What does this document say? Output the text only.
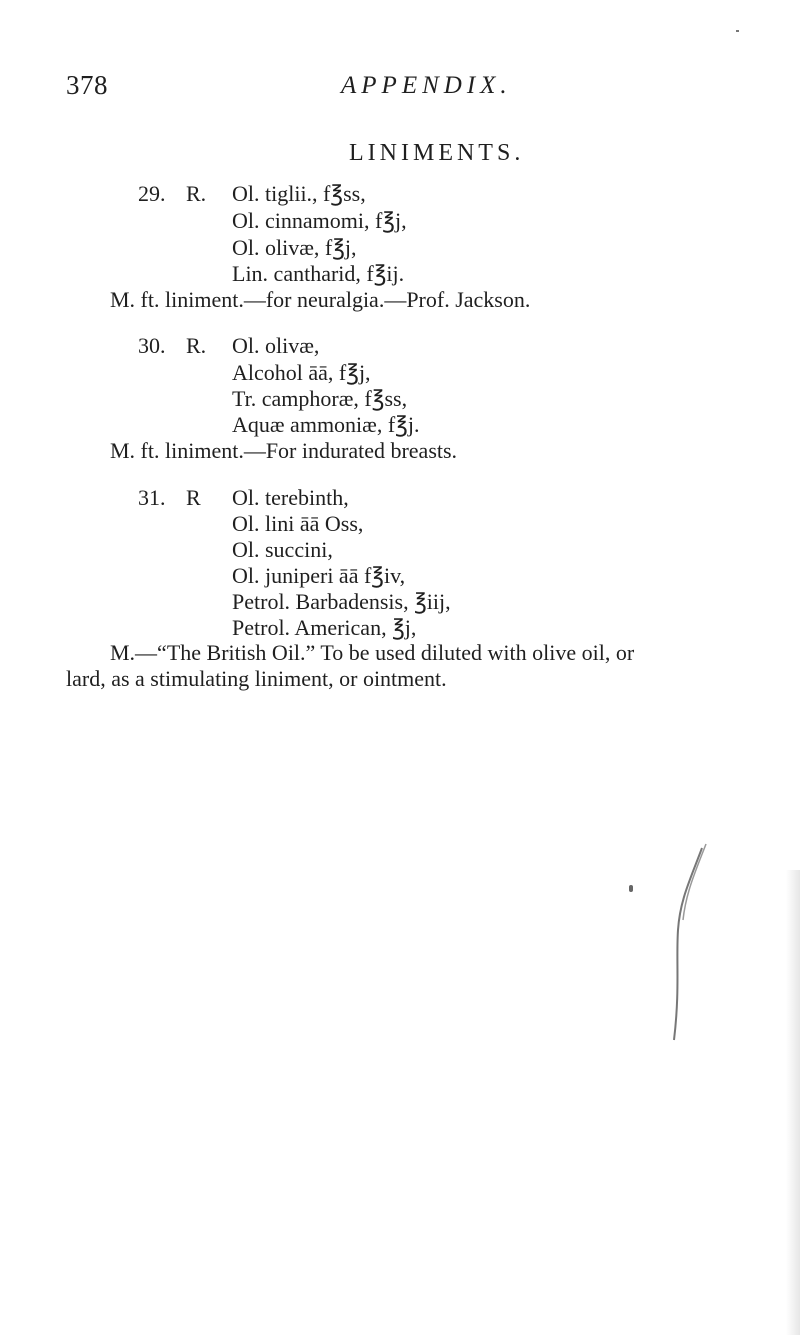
378	APPENDIX.
LINIMENTS.
29. R. Ol. tiglii., f℥ss,
Ol. cinnamomi, f℥j,
Ol. olivæ, f℥j,
Lin. cantharid, f℥ij.
M. ft. liniment.—for neuralgia.—Prof. Jackson.
30. R. Ol. olivæ,
Alcohol āā, f℥j,
Tr. camphoræ, f℥ss,
Aquæ ammoniæ, f℥j.
M. ft. liniment.—For indurated breasts.
31. R Ol. terebinth,
Ol. lini āā Oss,
Ol. succini,
Ol. juniperi āā f℥iv,
Petrol. Barbadensis, ℥iij,
Petrol. American, ℥j,
M.—“The British Oil.” To be used diluted with olive oil, or
lard, as a stimulating liniment, or ointment.
